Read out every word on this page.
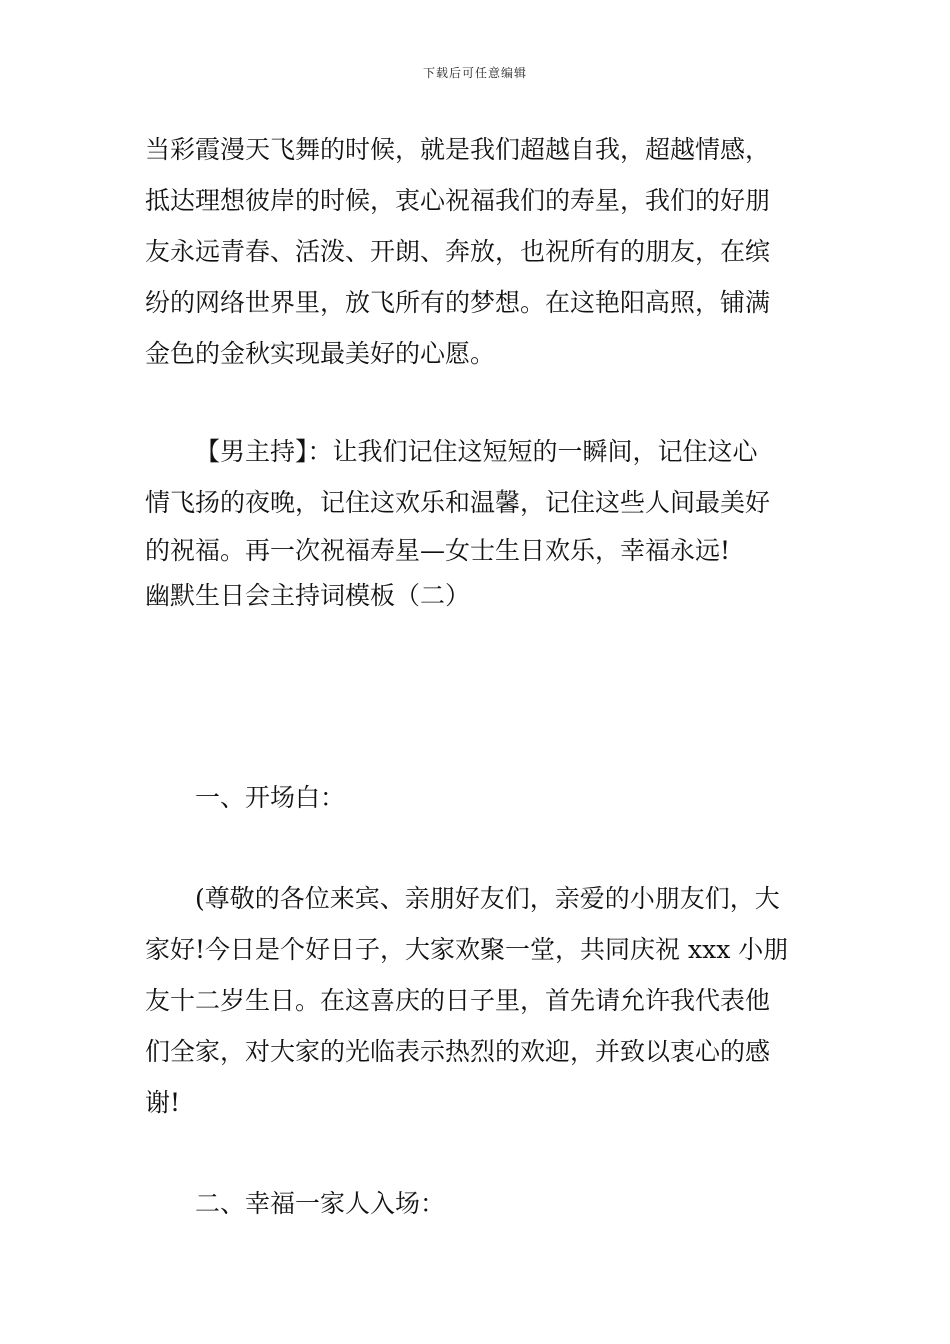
下载后可任意编辑
当彩霞漫天飞舞的时候，就是我们超越自我，超越情感，
抵达理想彼岸的时候，衷心祝福我们的寿星，我们的好朋
友永远青春、活泼、开朗、奔放，也祝所有的朋友，在缤
纷的网络世界里，放飞所有的梦想。在这艳阳高照，铺满
金色的金秋实现最美好的心愿。
【男主持】：让我们记住这短短的一瞬间，记住这心
情飞扬的夜晚，记住这欢乐和温馨，记住这些人间最美好
的祝福。再一次祝福寿星—女士生日欢乐，幸福永远!
幽默生日会主持词模板（二）
一、开场白：
(尊敬的各位来宾、亲朋好友们，亲爱的小朋友们，大
家好!今日是个好日子，大家欢聚一堂，共同庆祝 xxx 小朋
友十二岁生日。在这喜庆的日子里，首先请允许我代表他
们全家，对大家的光临表示热烈的欢迎，并致以衷心的感
谢!
二、幸福一家人入场：
